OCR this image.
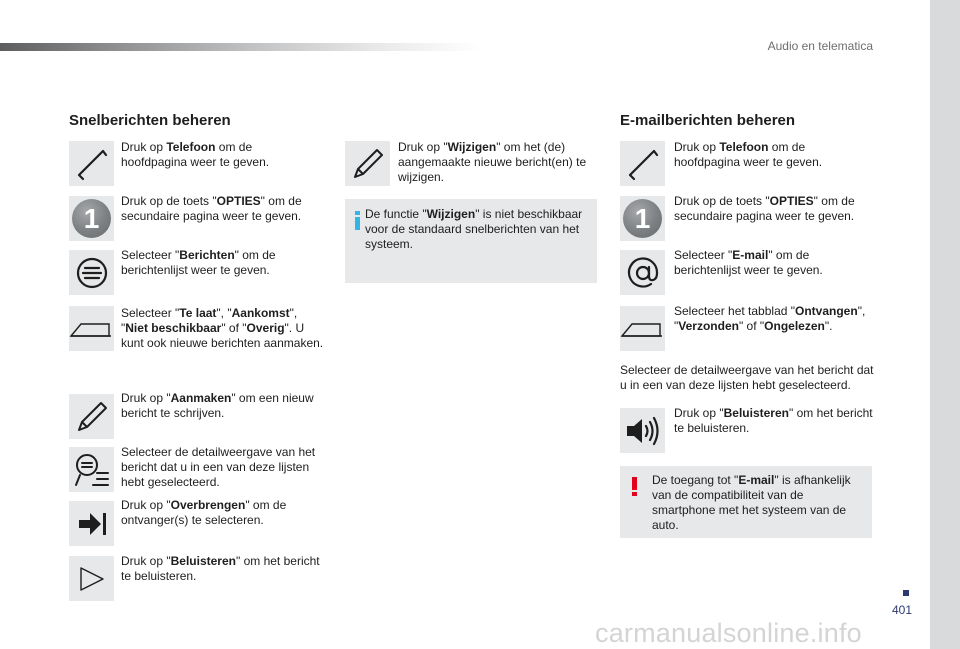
Audio en telematica
Snelberichten beheren
Druk op Telefoon om de hoofdpagina weer te geven.
1
Druk op de toets "OPTIES" om de secundaire pagina weer te geven.
Selecteer "Berichten" om de berichtenlijst weer te geven.
Selecteer "Te laat", "Aankomst", "Niet beschikbaar" of "Overig". U kunt ook nieuwe berichten aanmaken.
Druk op "Aanmaken" om een nieuw bericht te schrijven.
Selecteer de detailweergave van het bericht dat u in een van deze lijsten hebt geselecteerd.
Druk op "Overbrengen" om de ontvanger(s) te selecteren.
Druk op "Beluisteren" om het bericht te beluisteren.
Druk op "Wijzigen" om het (de) aangemaakte nieuwe bericht(en) te wijzigen.
De functie "Wijzigen" is niet beschikbaar voor de standaard snelberichten van het systeem.
E-mailberichten beheren
Druk op Telefoon om de hoofdpagina weer te geven.
1
Druk op de toets "OPTIES" om de secundaire pagina weer te geven.
Selecteer "E-mail" om de berichtenlijst weer te geven.
Selecteer het tabblad "Ontvangen", "Verzonden" of "Ongelezen".
Selecteer de detailweergave van het bericht dat u in een van deze lijsten hebt geselecteerd.
Druk op "Beluisteren" om het bericht te beluisteren.
De toegang tot "E-mail" is afhankelijk van de compatibiliteit van de smartphone met het systeem van de auto.
401
carmanualsonline.info
